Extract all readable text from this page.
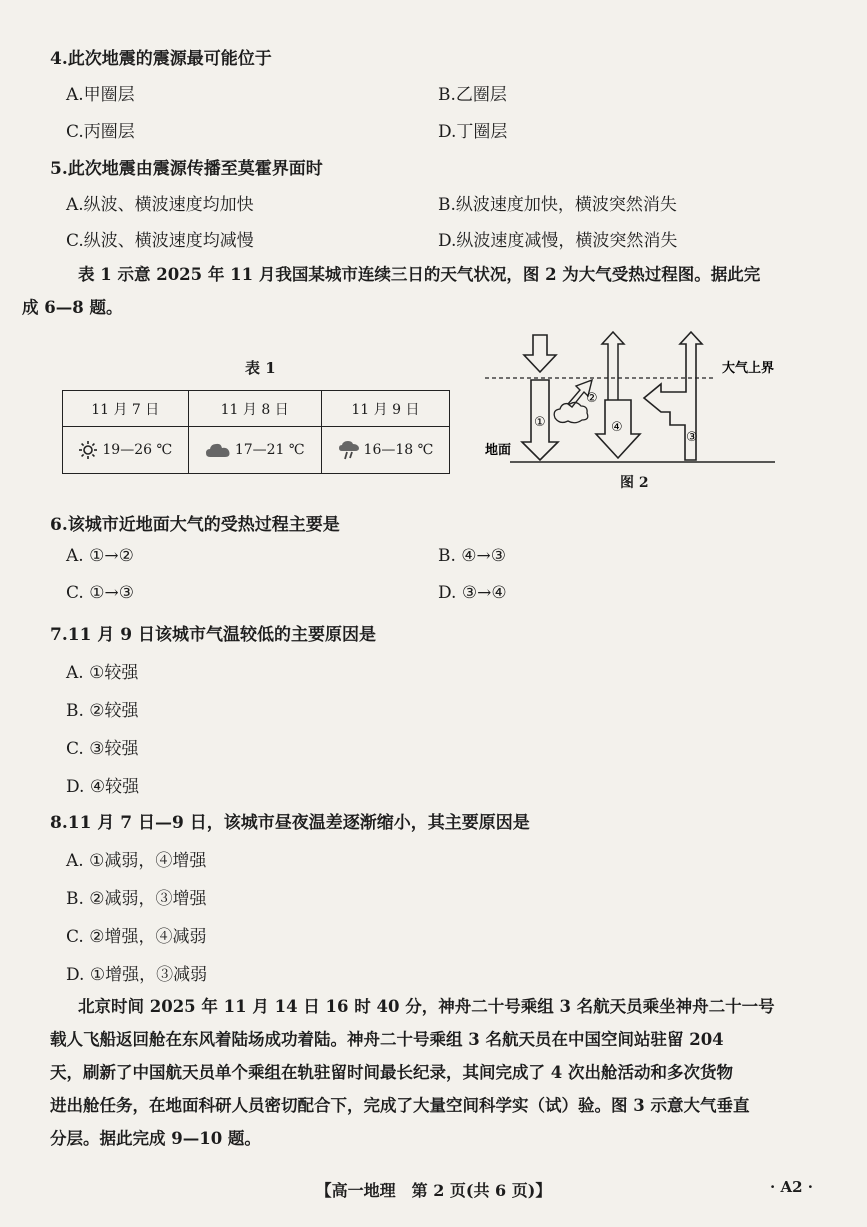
4.此次地震的震源最可能位于
A.甲圈层	B.乙圈层
C.丙圈层	D.丁圈层
5.此次地震由震源传播至莫霍界面时
A.纵波、横波速度均加快	B.纵波速度加快，横波突然消失
C.纵波、横波速度均减慢	D.纵波速度减慢，横波突然消失
表 1 示意 2025 年 11 月我国某城市连续三日的天气状况，图 2 为大气受热过程图。据此完
成 6—8 题。
表 1
11 月 7 日	11 月 8 日	11 月 9 日
19—26 ℃	17—21 ℃	16—18 ℃
①
②
④
③
大气上界
地面
图 2
6.该城市近地面大气的受热过程主要是
A. ①→②	B. ④→③
C. ①→③	D. ③→④
7.11 月 9 日该城市气温较低的主要原因是
A. ①较强
B. ②较强
C. ③较强
D. ④较强
8.11 月 7 日—9 日，该城市昼夜温差逐渐缩小，其主要原因是
A. ①减弱，④增强
B. ②减弱，③增强
C. ②增强，④减弱
D. ①增强，③减弱
北京时间 2025 年 11 月 14 日 16 时 40 分，神舟二十号乘组 3 名航天员乘坐神舟二十一号
载人飞船返回舱在东风着陆场成功着陆。神舟二十号乘组 3 名航天员在中国空间站驻留 204
天，刷新了中国航天员单个乘组在轨驻留时间最长纪录，其间完成了 4 次出舱活动和多次货物
进出舱任务，在地面科研人员密切配合下，完成了大量空间科学实（试）验。图 3 示意大气垂直
分层。据此完成 9—10 题。
【高一地理　第 2 页(共 6 页)】	· A2 ·
